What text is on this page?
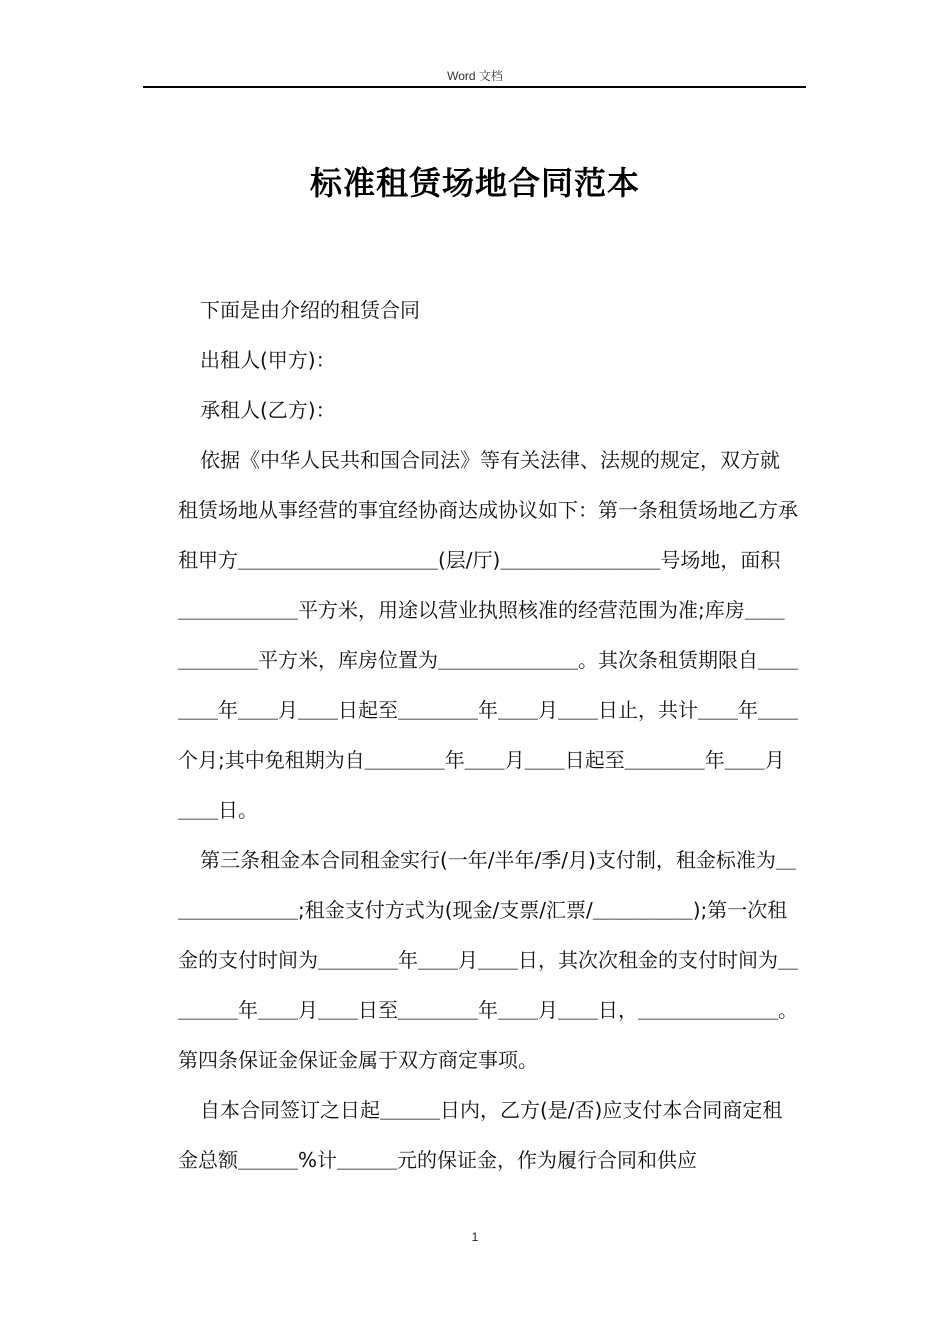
Word 文档
标准租赁场地合同范本

下面是由介绍的租赁合同

出租人(甲方)：

承租人(乙方)：

依据《中华人民共和国合同法》等有关法律、法规的规定，双方就租赁场地从事经营的事宜经协商达成协议如下：第一条租赁场地乙方承租甲方＿＿＿＿＿＿＿＿＿＿(层/厅)＿＿＿＿＿＿＿＿号场地，面积＿＿＿＿＿＿平方米，用途以营业执照核准的经营范围为准;库房＿＿＿＿＿＿平方米，库房位置为＿＿＿＿＿＿＿。其次条租赁期限自＿＿＿＿年＿＿月＿＿日起至＿＿＿＿年＿＿月＿＿日止，共计＿＿年＿＿个月;其中免租期为自＿＿＿＿年＿＿月＿＿日起至＿＿＿＿年＿＿月＿＿日。

第三条租金本合同租金实行(一年/半年/季/月)支付制，租金标准为＿＿＿＿＿＿＿;租金支付方式为(现金/支票/汇票/＿＿＿＿＿);第一次租金的支付时间为＿＿＿＿年＿＿月＿＿日，其次次租金的支付时间为＿＿＿＿年＿＿月＿＿日至＿＿＿＿年＿＿月＿＿日，＿＿＿＿＿＿＿。第四条保证金保证金属于双方商定事项。

自本合同签订之日起＿＿＿日内，乙方(是/否)应支付本合同商定租金总额＿＿＿%计＿＿＿元的保证金，作为履行合同和供应

1
